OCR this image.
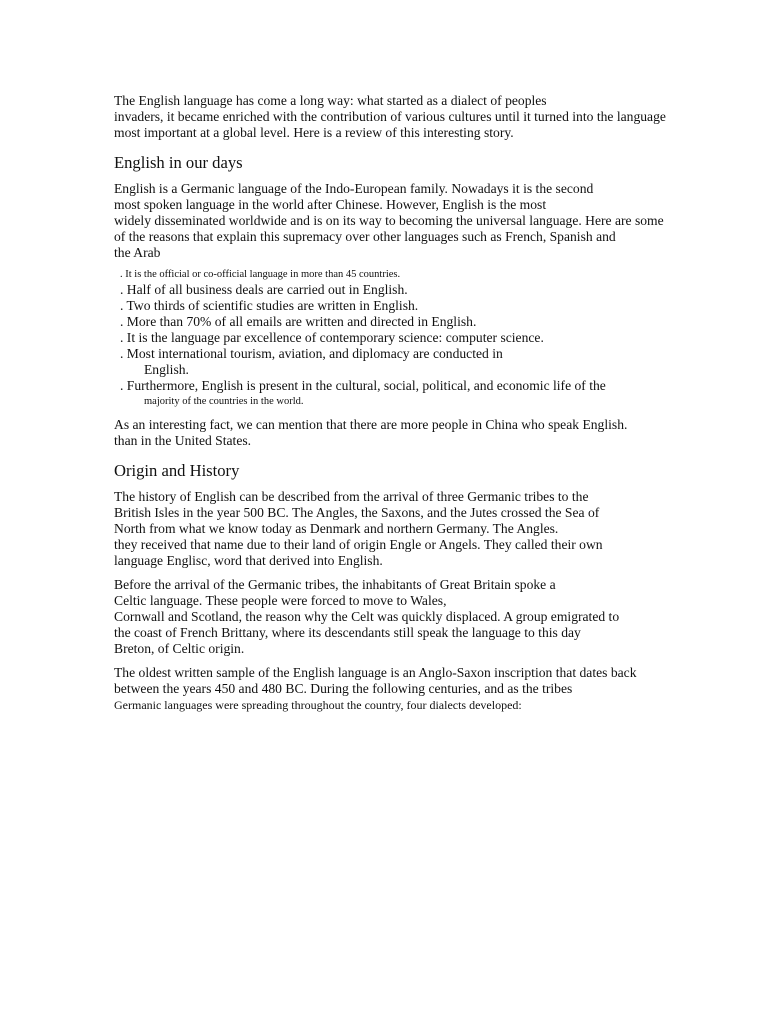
The English language has come a long way: what started as a dialect of peoples
invaders, it became enriched with the contribution of various cultures until it turned into the language
most important at a global level. Here is a review of this interesting story.

English in our days

English is a Germanic language of the Indo-European family. Nowadays it is the second
most spoken language in the world after Chinese. However, English is the most
widely disseminated worldwide and is on its way to becoming the universal language. Here are some
of the reasons that explain this supremacy over other languages such as French, Spanish and
the Arab

. It is the official or co-official language in more than 45 countries.
. Half of all business deals are carried out in English.
. Two thirds of scientific studies are written in English.
. More than 70% of all emails are written and directed in English.
. It is the language par excellence of contemporary science: computer science.
. Most international tourism, aviation, and diplomacy are conducted in
English.
. Furthermore, English is present in the cultural, social, political, and economic life of the
majority of the countries in the world.

As an interesting fact, we can mention that there are more people in China who speak English.
than in the United States.

Origin and History

The history of English can be described from the arrival of three Germanic tribes to the
British Isles in the year 500 BC. The Angles, the Saxons, and the Jutes crossed the Sea of
North from what we know today as Denmark and northern Germany. The Angles.
they received that name due to their land of origin Engle or Angels. They called their own
language Englisc, word that derived into English.

Before the arrival of the Germanic tribes, the inhabitants of Great Britain spoke a
Celtic language. These people were forced to move to Wales,
Cornwall and Scotland, the reason why the Celt was quickly displaced. A group emigrated to
the coast of French Brittany, where its descendants still speak the language to this day
Breton, of Celtic origin.

The oldest written sample of the English language is an Anglo-Saxon inscription that dates back
between the years 450 and 480 BC. During the following centuries, and as the tribes
Germanic languages were spreading throughout the country, four dialects developed:
